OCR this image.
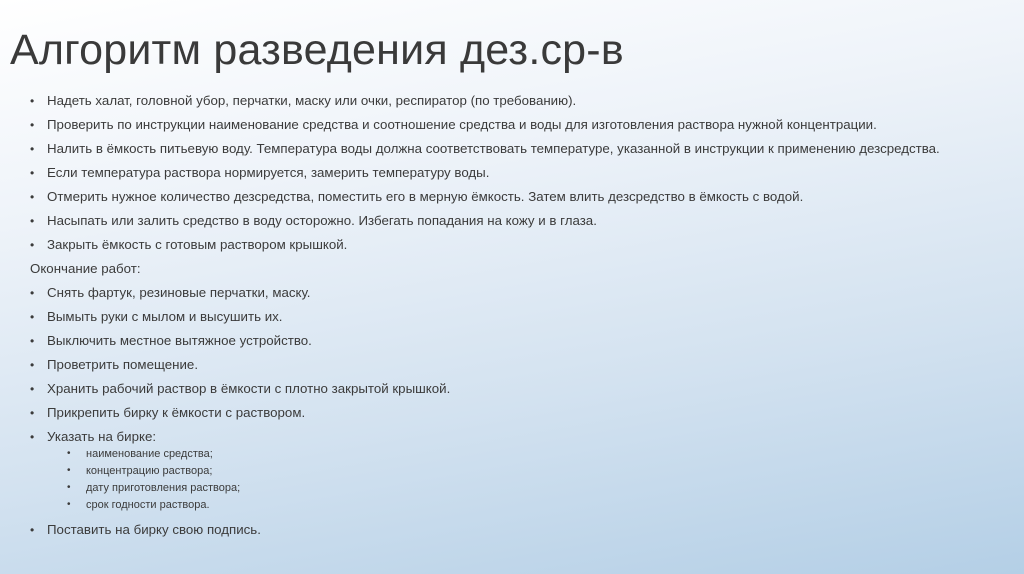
Алгоритм разведения дез.ср-в
• Надеть халат, головной убор, перчатки, маску или очки, респиратор (по требованию).
• Проверить по инструкции наименование средства и соотношение средства и воды для изготовления раствора нужной концентрации.
• Налить в ёмкость питьевую воду. Температура воды должна соответствовать температуре, указанной в инструкции к применению дезсредства.
• Если температура раствора нормируется, замерить температуру воды.
• Отмерить нужное количество дезсредства, поместить его в мерную ёмкость. Затем влить дезсредство в ёмкость с водой.
• Насыпать или залить средство в воду осторожно. Избегать попадания на кожу и в глаза.
• Закрыть ёмкость с готовым раствором крышкой.
Окончание работ:
• Снять фартук, резиновые перчатки, маску.
• Вымыть руки с мылом и высушить их.
• Выключить местное вытяжное устройство.
• Проветрить помещение.
• Хранить рабочий раствор в ёмкости с плотно закрытой крышкой.
• Прикрепить бирку к ёмкости с раствором.
• Указать на бирке:
• наименование средства;
• концентрацию раствора;
• дату приготовления раствора;
• срок годности раствора.
• Поставить на бирку свою подпись.
